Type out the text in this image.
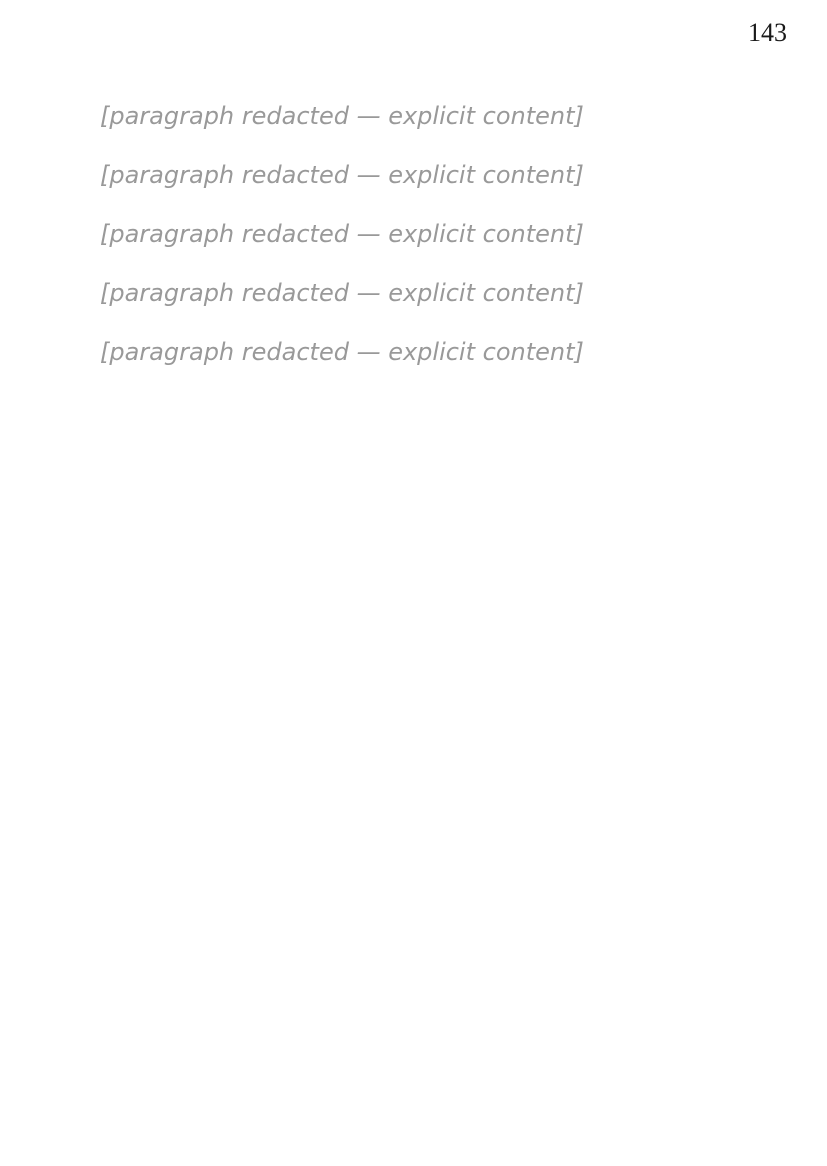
143

[paragraph redacted — explicit content]

[paragraph redacted — explicit content]

[paragraph redacted — explicit content]

[paragraph redacted — explicit content]

[paragraph redacted — explicit content]
